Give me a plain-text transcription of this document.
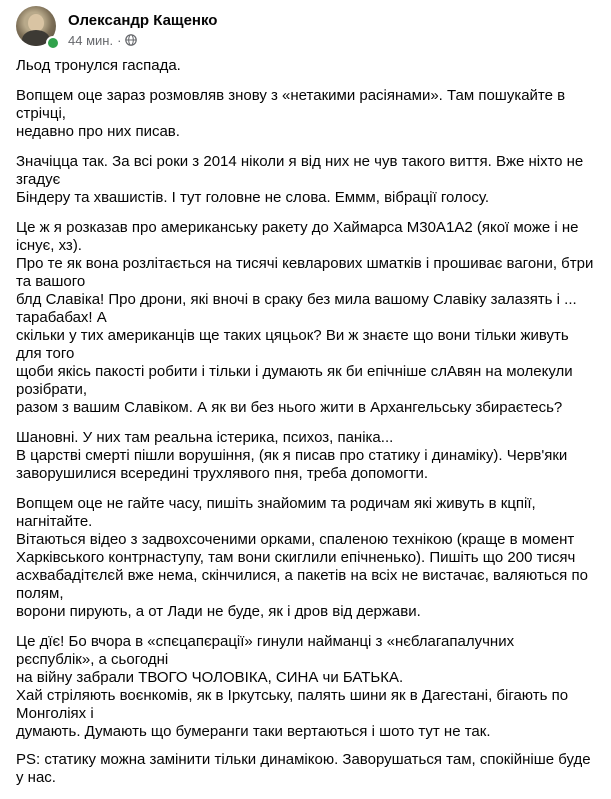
Олександр Кащенко
44 мин. ·

Льод тронулся гаспада.

Вопщем оце зараз розмовляв знову з «нетакими расіянами». Там пошукайте в стрічці,
недавно про них писав.

Значіцца так. За всі роки з 2014 ніколи я від них не чув такого виття. Вже ніхто не згадує
Біндеру та хвашистів. І тут головне не слова. Еммм, вібрації голосу.

Це ж я розказав про американську ракету до Хаймарса М30А1А2 (якої може і не існує, хз).
Про те як вона розлітається на тисячі кевларових шматків і прошиває вагони, бтри та вашого
блд Славіка! Про дрони, які вночі в сраку без мила вашому Славіку залазять і ... тарабабах! А
скільки у тих американців ще таких цяцьок? Ви ж знаєте що вони тільки живуть для того
щоби якісь пакості робити і тільки і думають як би епічніше слАвян на молекули розібрати,
разом з вашим Славіком. А як ви без нього жити в Архангельську збираєтесь?

Шановні. У них там реальна істерика, психоз, паніка...
В царстві смерті пішли ворушіння, (як я писав про статику і динаміку). Черв'яки
заворушилися всередині трухлявого пня, треба допомогти.

Вопщем оце не гайте часу, пишіть знайомим та родичам які живуть в кцпії, нагнітайте.
Вітаються відео з задвохсоченими орками, спаленою технікою (краще в момент
Харківського контрнаступу, там вони скиглили епічненько). Пишіть що 200 тисяч
асхвабадітєлєй вже нема, скінчилися, а пакетів на всіх не вистачає, валяються по полям,
ворони пирують, а от Лади не буде, як і дров від держави.

Це дїє! Бо вчора в «спєцапєрації» гинули найманці з «нєблагапалучних рєспублік», а сьогодні
на війну забрали ТВОГО ЧОЛОВІКА, СИНА чи БАТЬКА.
Хай стріляють воєнкомів, як в Іркутську, палять шини як в Дагестані, бігають по Монголіях і
думають. Думають що бумеранги таки вертаються і шото тут не так.

PS: статику можна замінити тільки динамікою. Заворушаться там, спокійніше буде у нас.
